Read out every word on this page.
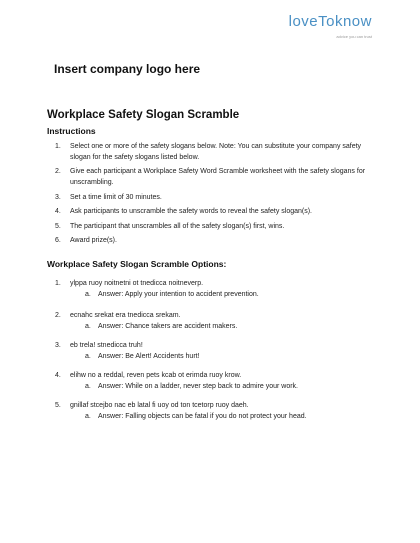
loveToknow
advice you can trust
Insert company logo here
Workplace Safety Slogan Scramble
Instructions
1. Select one or more of the safety slogans below. Note: You can substitute your company safety slogan for the safety slogans listed below.
2. Give each participant a Workplace Safety Word Scramble worksheet with the safety slogans for unscrambling.
3. Set a time limit of 30 minutes.
4. Ask participants to unscramble the safety words to reveal the safety slogan(s).
5. The participant that unscrambles all of the safety slogan(s) first, wins.
6. Award prize(s).
Workplace Safety Slogan Scramble Options:
1. ylppa ruoy noitnetni ot tnedicca noitneverp.
a. Answer: Apply your intention to accident prevention.
2. ecnahc srekat era tnedicca srekam.
a. Answer: Chance takers are accident makers.
3. eb trela! stnedicca truh!
a. Answer: Be Alert! Accidents hurt!
4. elihw no a reddal, reven pets kcab ot erimda ruoy krow.
a. Answer: While on a ladder, never step back to admire your work.
5. gnillaf stcejbo nac eb latal fi uoy od ton tcetorp ruoy daeh.
a. Answer: Falling objects can be fatal if you do not protect your head.
